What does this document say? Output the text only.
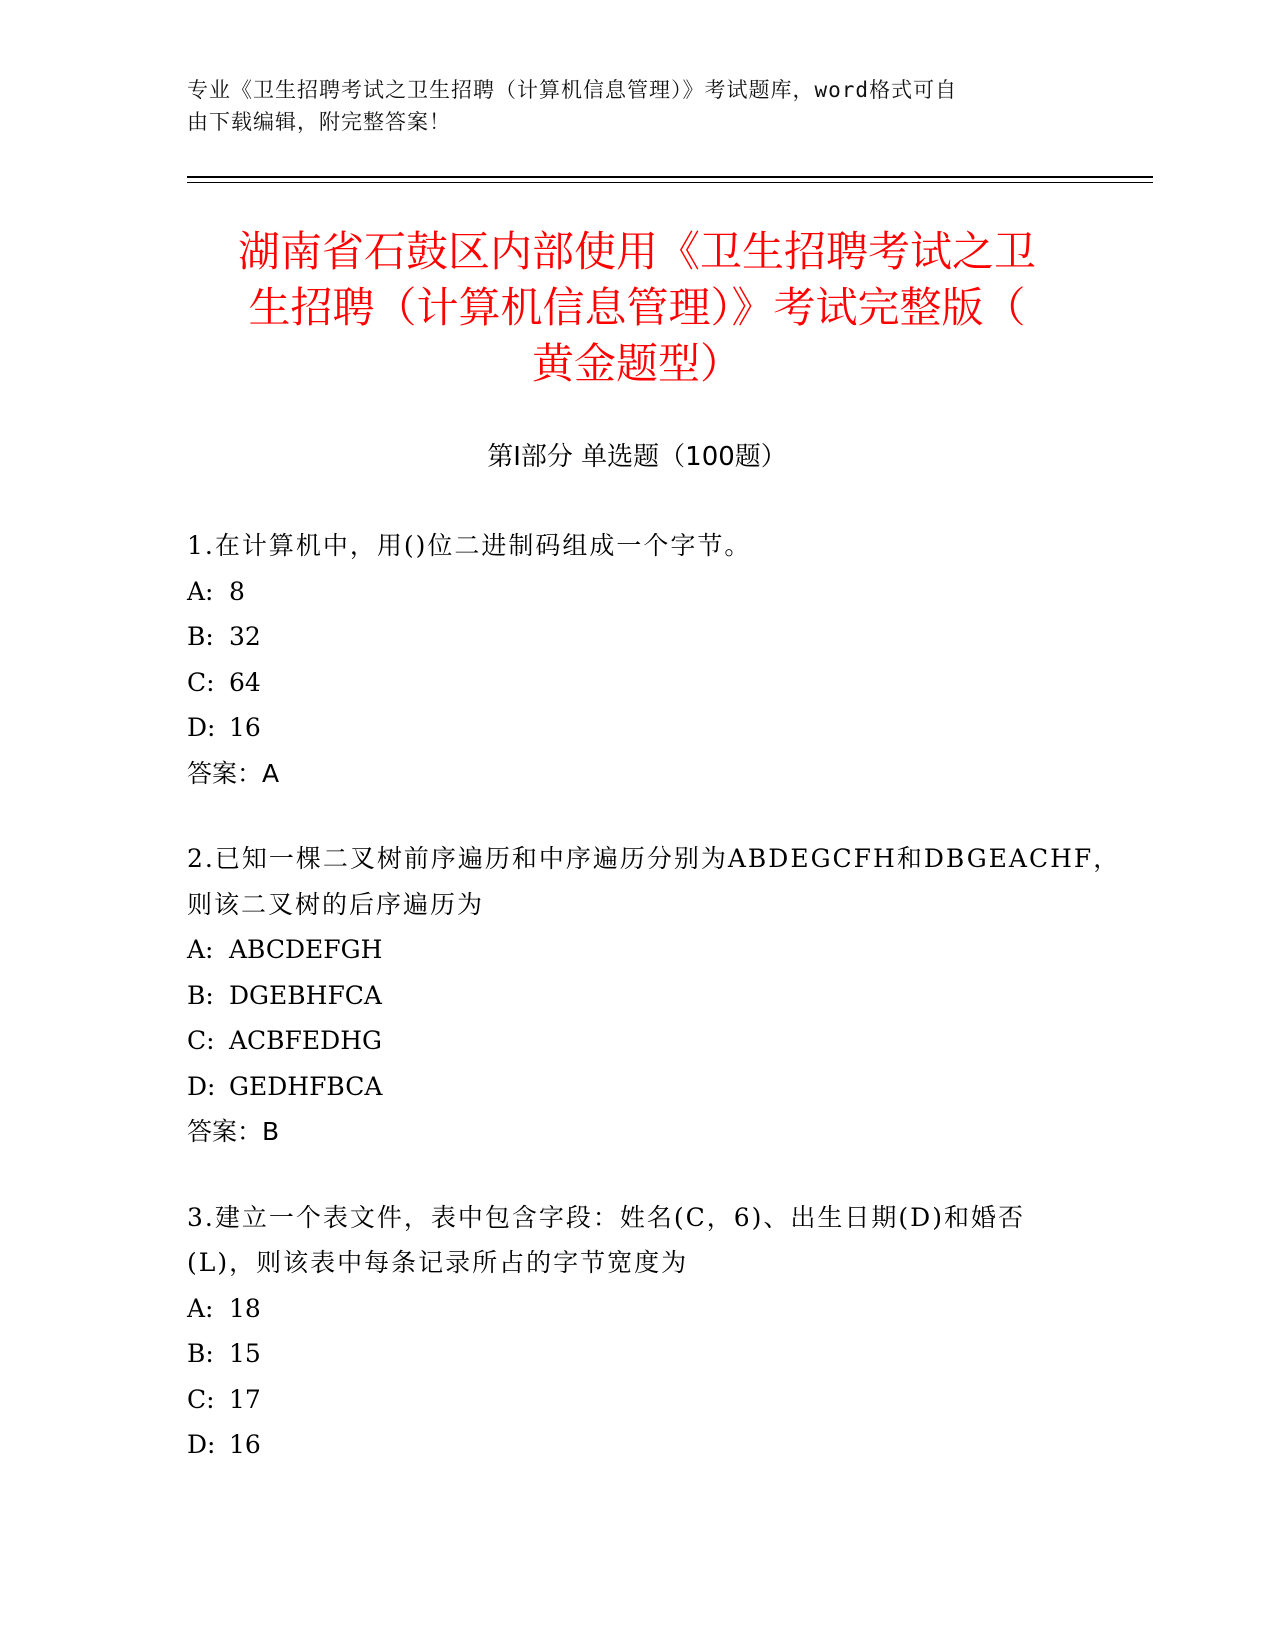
专业《卫生招聘考试之卫生招聘（计算机信息管理）》考试题库，word格式可自
由下载编辑，附完整答案！
湖南省石鼓区内部使用《卫生招聘考试之卫
生招聘（计算机信息管理）》考试完整版（
黄金题型）
第Ⅰ部分 单选题（100题）
1.在计算机中，用()位二进制码组成一个字节。
A: 8
B: 32
C: 64
D: 16
答案：A
2.已知一棵二叉树前序遍历和中序遍历分别为ABDEGCFH和DBGEACHF，
则该二叉树的后序遍历为
A: ABCDEFGH
B: DGEBHFCA
C: ACBFEDHG
D: GEDHFBCA
答案：B
3.建立一个表文件，表中包含字段：姓名(C，6)、出生日期(D)和婚否
(L)，则该表中每条记录所占的字节宽度为
A: 18
B: 15
C: 17
D: 16
